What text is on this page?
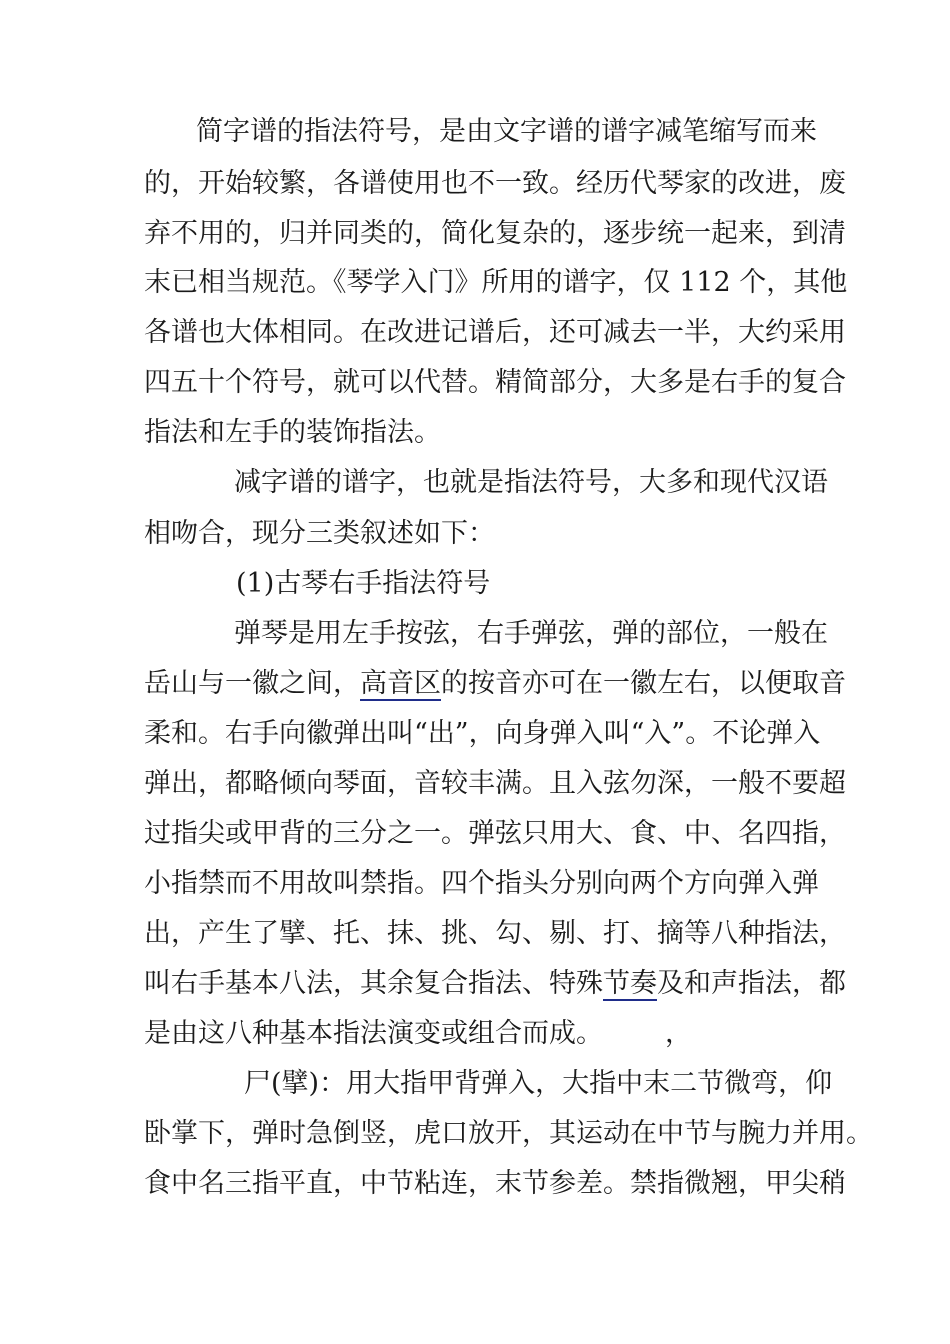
简字谱的指法符号，是由文字谱的谱字减笔缩写而来
的，开始较繁，各谱使用也不一致。经历代琴家的改进，废
弃不用的，归并同类的，简化复杂的，逐步统一起来，到清
末已相当规范。《琴学入门》所用的谱字，仅 112 个，其他
各谱也大体相同。在改进记谱后，还可减去一半，大约采用
四五十个符号，就可以代替。精简部分，大多是右手的复合
指法和左手的装饰指法。
减字谱的谱字，也就是指法符号，大多和现代汉语
相吻合，现分三类叙述如下：
(1)古琴右手指法符号
弹琴是用左手按弦，右手弹弦，弹的部位，一般在
岳山与一徽之间，高音区的按音亦可在一徽左右，以便取音
柔和。右手向徽弹出叫“出”，向身弹入叫“入”。不论弹入
弹出，都略倾向琴面，音较丰满。且入弦勿深，一般不要超
过指尖或甲背的三分之一。弹弦只用大、食、中、名四指，
小指禁而不用故叫禁指。四个指头分别向两个方向弹入弹
出，产生了擘、托、抹、挑、勾、剔、打、摘等八种指法，
叫右手基本八法，其余复合指法、特殊节奏及和声指法，都
是由这八种基本指法演变或组合而成。 ，
尸(擘)：用大指甲背弹入，大指中末二节微弯，仰
卧掌下，弹时急倒竖，虎口放开，其运动在中节与腕力并用。
食中名三指平直，中节粘连，末节参差。禁指微翘，甲尖稍
